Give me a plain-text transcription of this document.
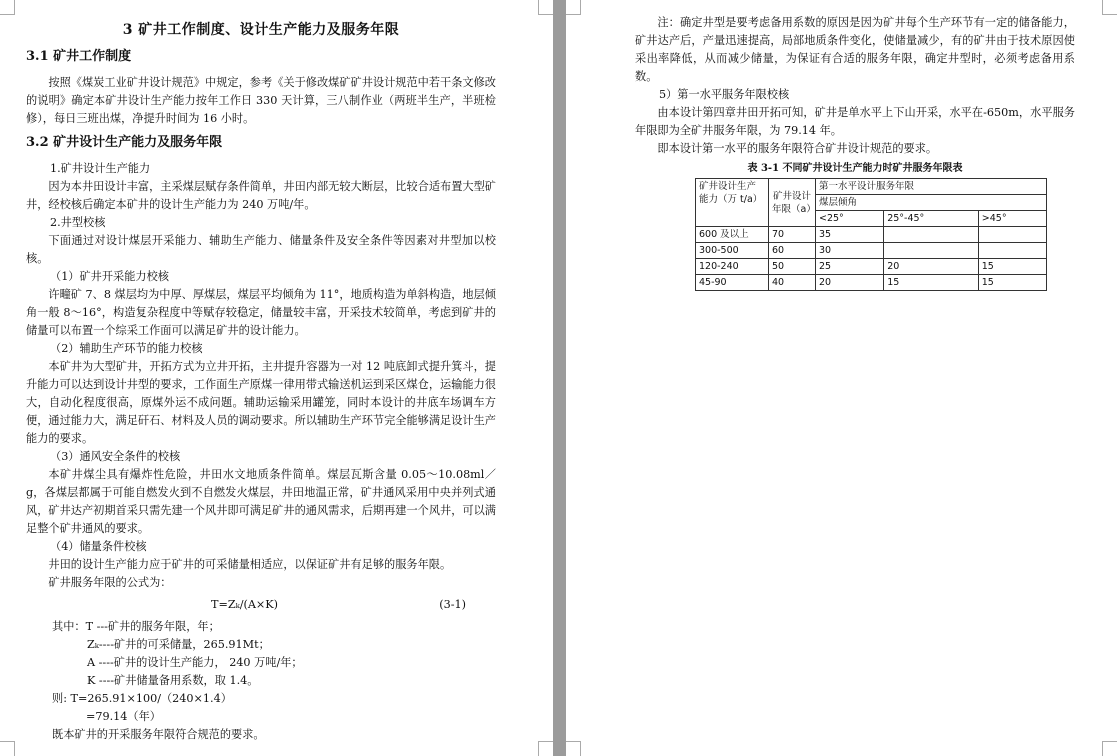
3 矿井工作制度、设计生产能力及服务年限
3.1 矿井工作制度

按照《煤炭工业矿井设计规范》中规定，参考《关于修改煤矿矿井设计规范中若干条文修改的说明》确定本矿井设计生产能力按年工作日 330 天计算，三八制作业（两班半生产，半班检修），每日三班出煤，净提升时间为 16 小时。

3.2 矿井设计生产能力及服务年限

1.矿井设计生产能力

因为本井田设计丰富，主采煤层赋存条件简单，井田内部无较大断层，比较合适布置大型矿井，经校核后确定本矿井的设计生产能力为 240 万吨/年。

2.井型校核

下面通过对设计煤层开采能力、辅助生产能力、储量条件及安全条件等因素对井型加以校核。

（1）矿井开采能力校核

许疃矿 7、8 煤层均为中厚、厚煤层，煤层平均倾角为 11°，地质构造为单斜构造，地层倾角一般 8～16°，构造复杂程度中等赋存较稳定，储量较丰富，开采技术较简单，考虑到矿井的储量可以布置一个综采工作面可以满足矿井的设计能力。

（2）辅助生产环节的能力校核

本矿井为大型矿井，开拓方式为立井开拓，主井提升容器为一对 12 吨底卸式提升箕斗，提升能力可以达到设计井型的要求，工作面生产原煤一律用带式输送机运到采区煤仓，运输能力很大，自动化程度很高，原煤外运不成问题。辅助运输采用罐笼，同时本设计的井底车场调车方便，通过能力大，满足矸石、材料及人员的调动要求。所以辅助生产环节完全能够满足设计生产能力的要求。

（3）通风安全条件的校核

本矿井煤尘具有爆炸性危险，井田水文地质条件简单。煤层瓦斯含量 0.05～10.08ml／g，各煤层都属于可能自燃发火到不自燃发火煤层，井田地温正常，矿井通风采用中央并列式通风，矿井达产初期首采只需先建一个风井即可满足矿井的通风需求，后期再建一个风井，可以满足整个矿井通风的要求。

（4）储量条件校核

井田的设计生产能力应于矿井的可采储量相适应，以保证矿井有足够的服务年限。

矿井服务年限的公式为：

T=Zₖ/(A×K)	(3-1)

其中：T ---矿井的服务年限，年；

Zₖ----矿井的可采储量，265.91Mt；

A ----矿井的设计生产能力， 240 万吨/年；

K ----矿井储量备用系数，取 1.4。

则: T=265.91×100/（240×1.4）

=79.14（年）

既本矿井的开采服务年限符合规范的要求。

注：确定井型是要考虑备用系数的原因是因为矿井每个生产环节有一定的储备能力，矿井达产后，产量迅速提高，局部地质条件变化，使储量减少，有的矿井由于技术原因使采出率降低，从而减少储量，为保证有合适的服务年限，确定井型时，必须考虑备用系数。

5）第一水平服务年限校核

由本设计第四章井田开拓可知，矿井是单水平上下山开采，水平在-650m，水平服务年限即为全矿井服务年限，为 79.14 年。

即本设计第一水平的服务年限符合矿井设计规范的要求。

表 3-1 不同矿井设计生产能力时矿井服务年限表
矿井设计生产能力（万 t/a）	矿井设计年限（a）	第一水平设计服务年限		
		煤层倾角		
		<25°	25°-45°	>45°
600 及以上	70	35		
300-500	60	30		
120-240	50	25	20	15
45-90	40	20	15	15
